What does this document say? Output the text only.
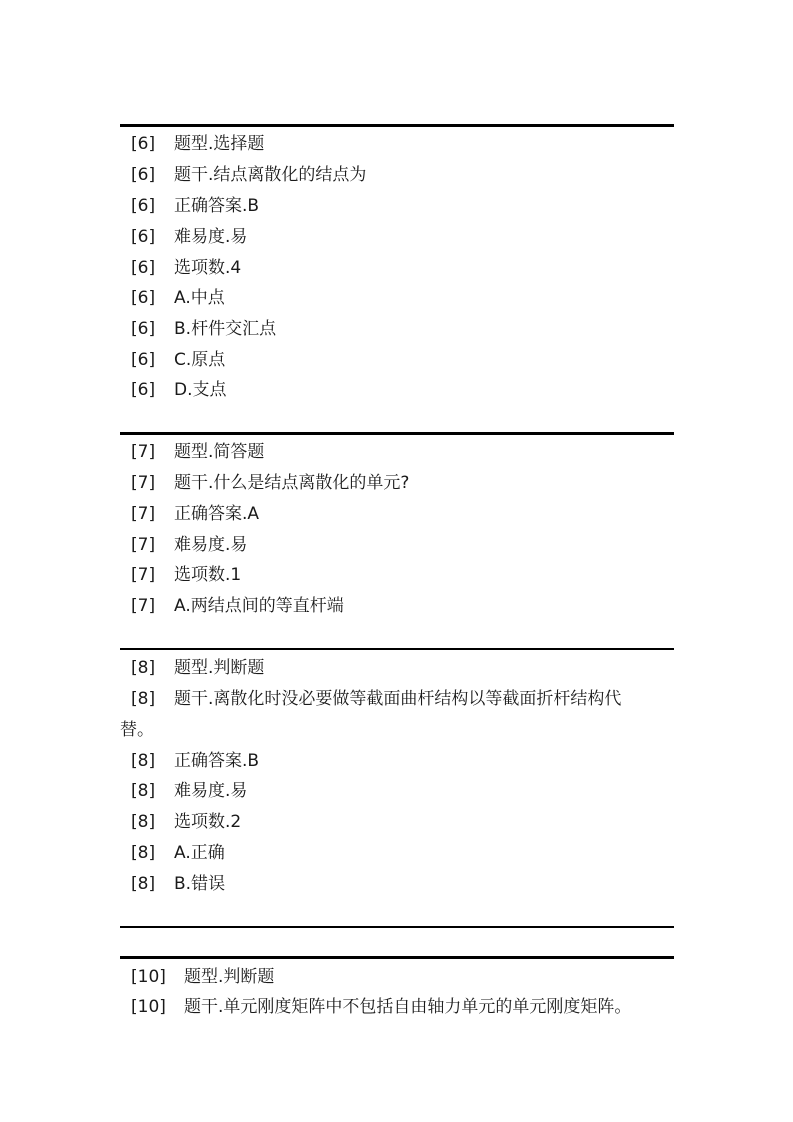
[6] 题型.选择题
[6] 题干.结点离散化的结点为
[6] 正确答案.B
[6] 难易度.易
[6] 选项数.4
[6] A.中点
[6] B.杆件交汇点
[6] C.原点
[6] D.支点
[7] 题型.简答题
[7] 题干.什么是结点离散化的单元?
[7] 正确答案.A
[7] 难易度.易
[7] 选项数.1
[7] A.两结点间的等直杆端
[8] 题型.判断题
[8] 题干.离散化时没必要做等截面曲杆结构以等截面折杆结构代
替。
[8] 正确答案.B
[8] 难易度.易
[8] 选项数.2
[8] A.正确
[8] B.错误
[10] 题型.判断题
[10] 题干.单元刚度矩阵中不包括自由轴力单元的单元刚度矩阵。
